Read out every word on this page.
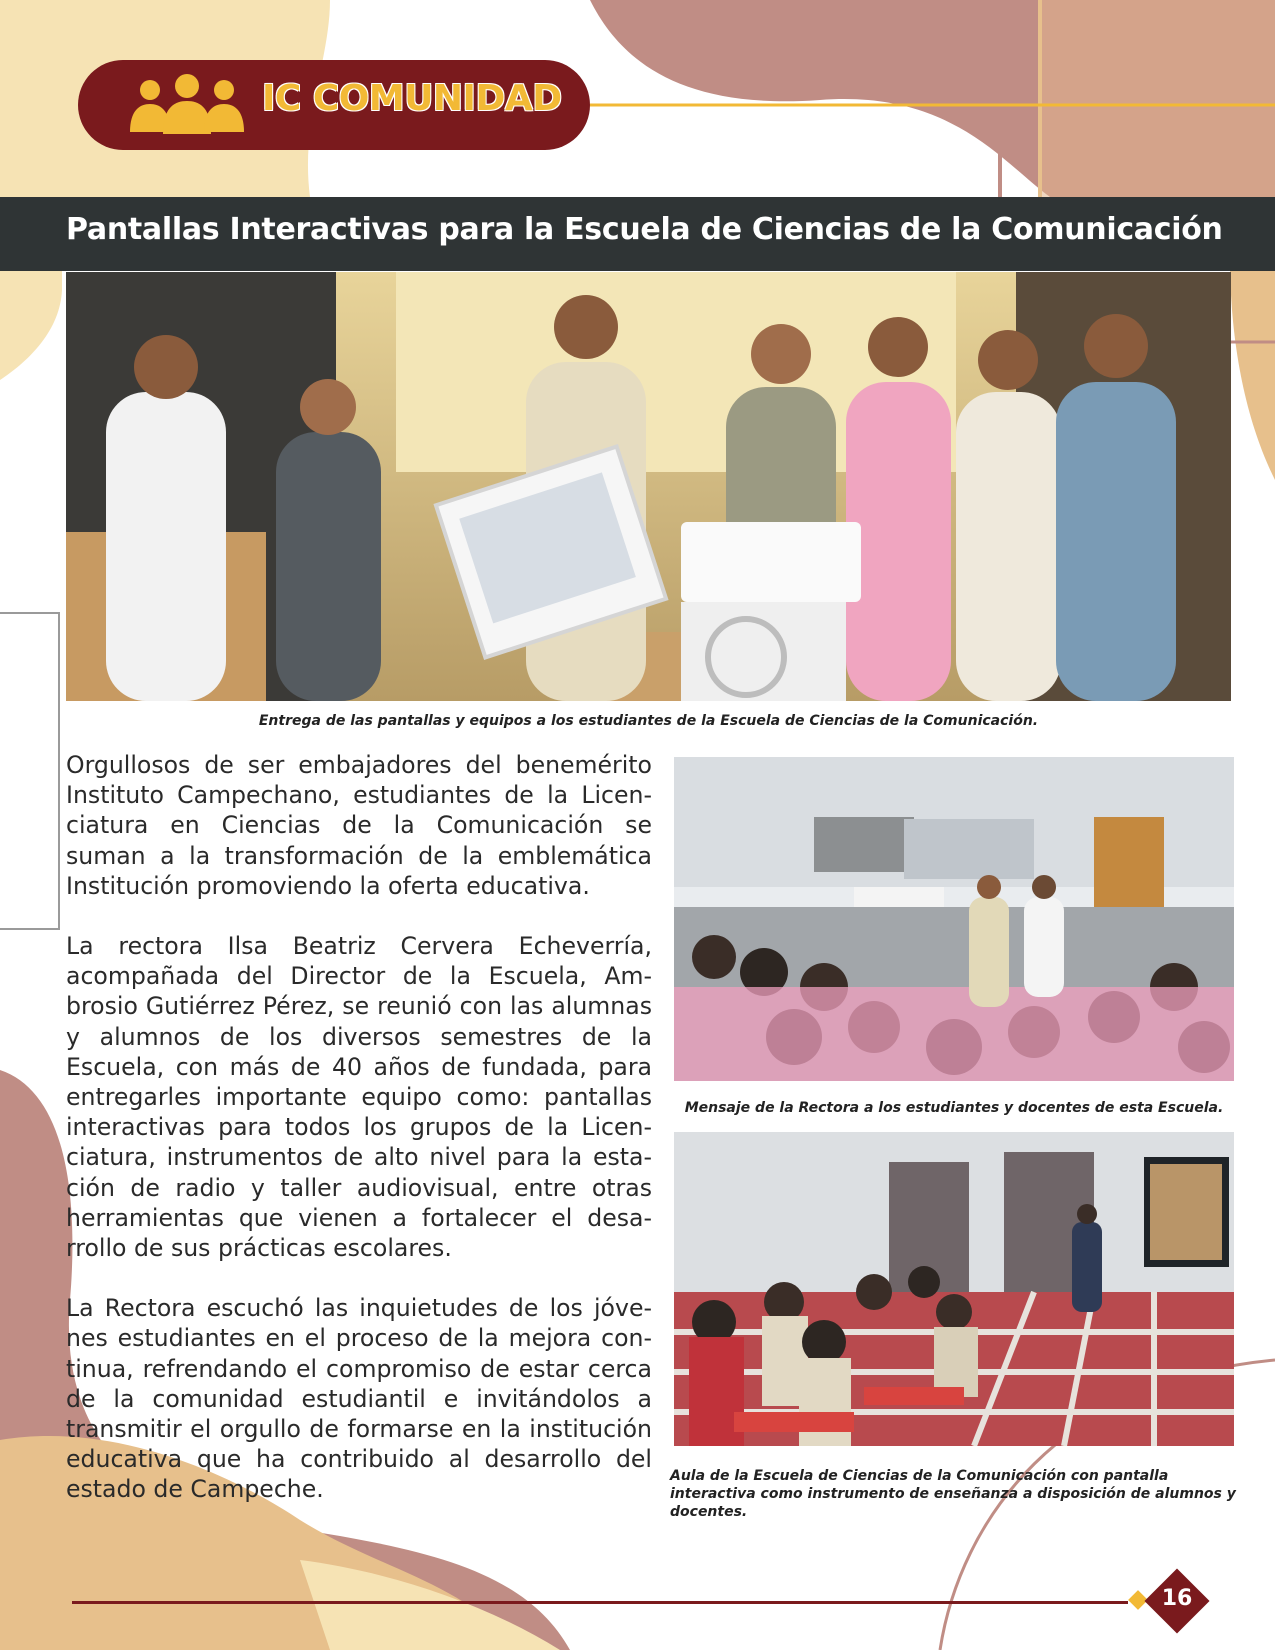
IC COMUNIDAD
Pantallas Interactivas para la Escuela de Ciencias de la Comunicación
Entrega de las pantallas y equipos a los estudiantes de la Escuela de Ciencias de la Comunicación.

Orgullosos de ser embajadores del benemérito Instituto Campechano, estudiantes de la Licenciatura en Ciencias de la Comunicación se suman a la transformación de la emblemática Institución promoviendo la oferta educativa.

La rectora Ilsa Beatriz Cervera Echeverría, acompañada del Director de la Escuela, Ambrosio Gutiérrez Pérez, se reunió con las alumnas y alumnos de los diversos semestres de la Escuela, con más de 40 años de fundada, para entregarles importante equipo como: pantallas interactivas para todos los grupos de la Licenciatura, instrumentos de alto nivel para la estación de radio y taller audiovisual, entre otras herramientas que vienen a fortalecer el desarrollo de sus prácticas escolares.

La Rectora escuchó las inquietudes de los jóvenes estudiantes en el proceso de la mejora continua, refrendando el compromiso de estar cerca de la comunidad estudiantil e invitándolos a transmitir el orgullo de formarse en la institución educativa que ha contribuido al desarrollo del estado de Campeche.

Mensaje de la Rectora a los estudiantes y docentes de esta Escuela.
Aula de la Escuela de Ciencias de la Comunicación con pantalla interactiva como instrumento de enseñanza a disposición de alumnos y docentes.
16
